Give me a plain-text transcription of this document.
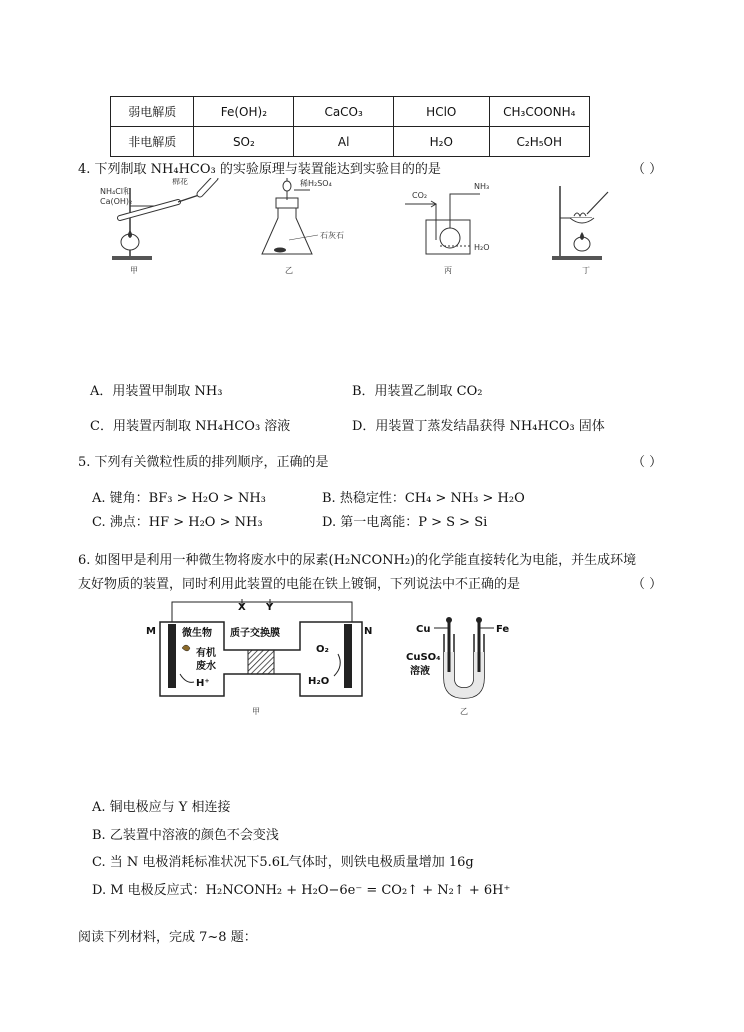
弱电解质	Fe(OH)₂	CaCO₃	HClO	CH₃COONH₄
非电解质	SO₂	Al	H₂O	C₂H₅OH
4. 下列制取 NH₄HCO₃ 的实验原理与装置能达到实验目的的是	（ ）
NH₄Cl和
Ca(OH)₂
棉花
甲
稀H₂SO₄
石灰石
乙
CO₂
NH₃
H₂O
丙	丁
A．用装置甲制取 NH₃	B．用装置乙制取 CO₂
C．用装置丙制取 NH₄HCO₃ 溶液	D．用装置丁蒸发结晶获得 NH₄HCO₃ 固体
5. 下列有关微粒性质的排列顺序，正确的是	（ ）
A. 键角：BF₃ > H₂O > NH₃	B. 热稳定性：CH₄ > NH₃ > H₂O
C. 沸点：HF > H₂O > NH₃	D. 第一电离能：P > S > Si
6. 如图甲是利用一种微生物将废水中的尿素(H₂NCONH₂)的化学能直接转化为电能，并生成环境
友好物质的装置，同时利用此装置的电能在铁上镀铜，下列说法中不正确的是	（ ）
X Y
M	N
微生物
有机
废水
H⁺
质子交换膜
O₂
H₂O
甲
Cu	Fe
CuSO₄
溶液
乙
A. 铜电极应与 Y 相连接
B. 乙装置中溶液的颜色不会变浅
C. 当 N 电极消耗标准状况下5.6L气体时，则铁电极质量增加 16g
D. M 电极反应式：H₂NCONH₂ + H₂O−6e⁻ = CO₂↑ + N₂↑ + 6H⁺
阅读下列材料，完成 7~8 题：
